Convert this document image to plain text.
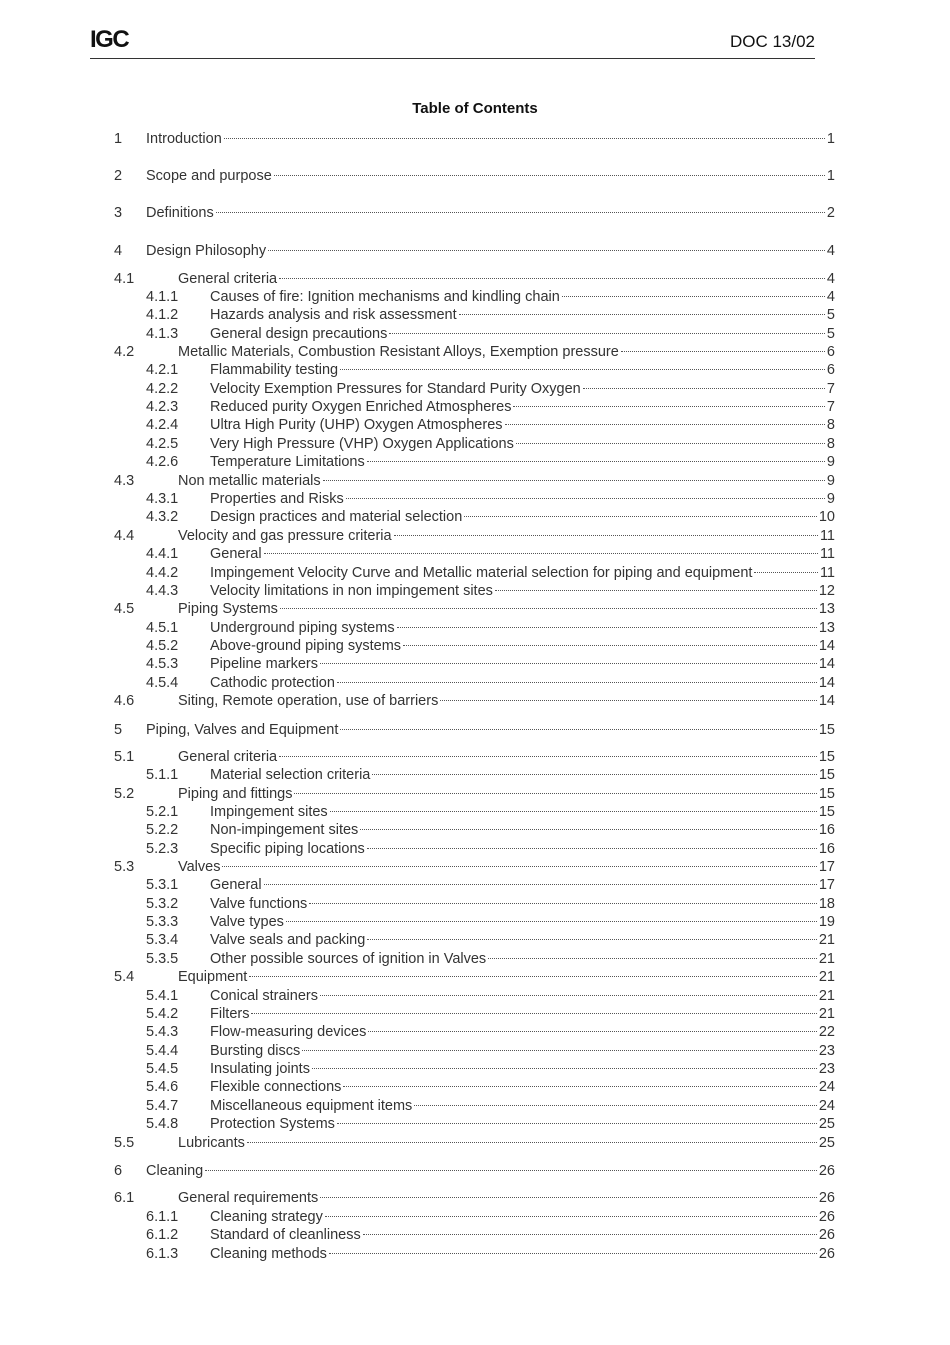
IGC	DOC 13/02
Table of Contents
1 Introduction	1
2 Scope and purpose	1
3 Definitions	2
4 Design Philosophy	4
4.1	General criteria	4
4.1.1 Causes of fire: Ignition mechanisms and kindling chain	4
4.1.2 Hazards analysis and risk assessment	5
4.1.3 General design precautions	5
4.2	Metallic Materials, Combustion Resistant Alloys, Exemption pressure	6
4.2.1 Flammability testing	6
4.2.2 Velocity Exemption Pressures for Standard Purity Oxygen	7
4.2.3 Reduced purity Oxygen Enriched Atmospheres	7
4.2.4 Ultra High Purity (UHP) Oxygen Atmospheres	8
4.2.5 Very High Pressure (VHP) Oxygen Applications	8
4.2.6 Temperature Limitations	9
4.3	Non metallic materials	9
4.3.1 Properties and Risks	9
4.3.2 Design practices and material selection	10
4.4	Velocity and gas pressure criteria	11
4.4.1 General	11
4.4.2 Impingement Velocity Curve and Metallic material selection for piping and equipment	11
4.4.3 Velocity limitations in non impingement sites	12
4.5	Piping Systems	13
4.5.1 Underground piping systems	13
4.5.2 Above-ground piping systems	14
4.5.3 Pipeline markers	14
4.5.4 Cathodic protection	14
4.6	Siting, Remote operation, use of barriers	14
5 Piping, Valves and Equipment	15
5.1	General criteria	15
5.1.1 Material selection criteria	15
5.2	Piping and fittings	15
5.2.1 Impingement sites	15
5.2.2 Non-impingement sites	16
5.2.3 Specific piping locations	16
5.3	Valves	17
5.3.1 General	17
5.3.2 Valve functions	18
5.3.3 Valve types	19
5.3.4 Valve seals and packing	21
5.3.5 Other possible sources of ignition in Valves	21
5.4	Equipment	21
5.4.1 Conical strainers	21
5.4.2 Filters	21
5.4.3 Flow-measuring devices	22
5.4.4 Bursting discs	23
5.4.5 Insulating joints	23
5.4.6 Flexible connections	24
5.4.7 Miscellaneous equipment items	24
5.4.8 Protection Systems	25
5.5	Lubricants	25
6 Cleaning	26
6.1	General requirements	26
6.1.1 Cleaning strategy	26
6.1.2 Standard of cleanliness	26
6.1.3 Cleaning methods	26
